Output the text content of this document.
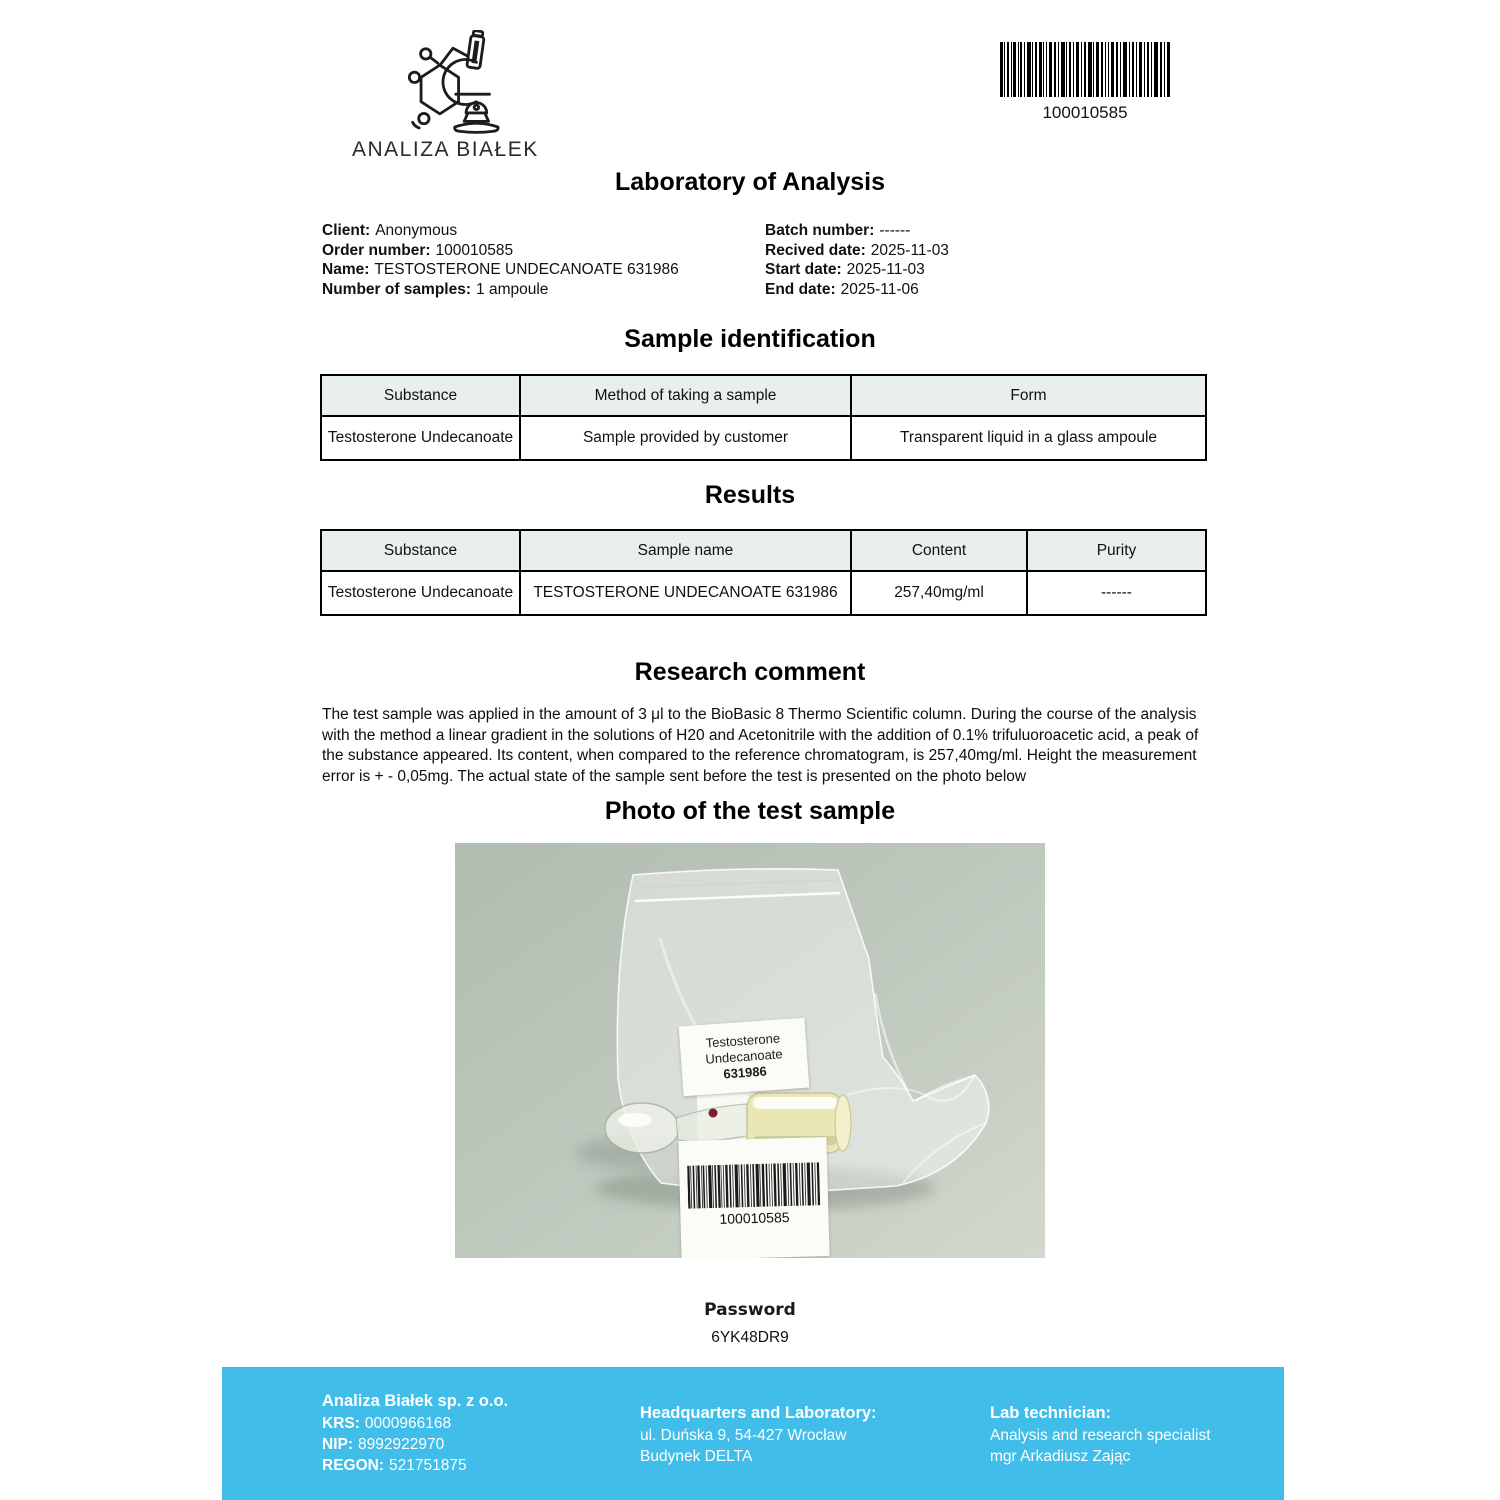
ANALIZA BIAŁEK
100010585
Laboratory of Analysis
Client: Anonymous
Order number: 100010585
Name: TESTOSTERONE UNDECANOATE 631986
Number of samples: 1 ampoule
Batch number: ------
Recived date: 2025-11-03
Start date: 2025-11-03
End date: 2025-11-06
Sample identification
Substance	Method of taking a sample	Form
Testosterone Undecanoate	Sample provided by customer	Transparent liquid in a glass ampoule
Results
Substance	Sample name	Content	Purity
Testosterone Undecanoate	TESTOSTERONE UNDECANOATE 631986	257,40mg/ml	------
Research comment
The test sample was applied in the amount of 3 μl to the BioBasic 8 Thermo Scientific column. During the course of the analysis with the method a linear gradient in the solutions of H20 and Acetonitrile with the addition of 0.1% trifuluoroacetic acid, a peak of the substance appeared. Its content, when compared to the reference chromatogram, is 257,40mg/ml. Height the measurement error is + - 0,05mg. The actual state of the sample sent before the test is presented on the photo below
Photo of the test sample
Testosterone
Undecanoate
631986
100010585
Password
6YK48DR9
Analiza Białek sp. z o.o.
KRS: 0000966168
NIP: 8992922970
REGON: 521751875
Headquarters and Laboratory:
ul. Duńska 9, 54-427 Wrocław
Budynek DELTA
Lab technician:
Analysis and research specialist
mgr Arkadiusz Zając
